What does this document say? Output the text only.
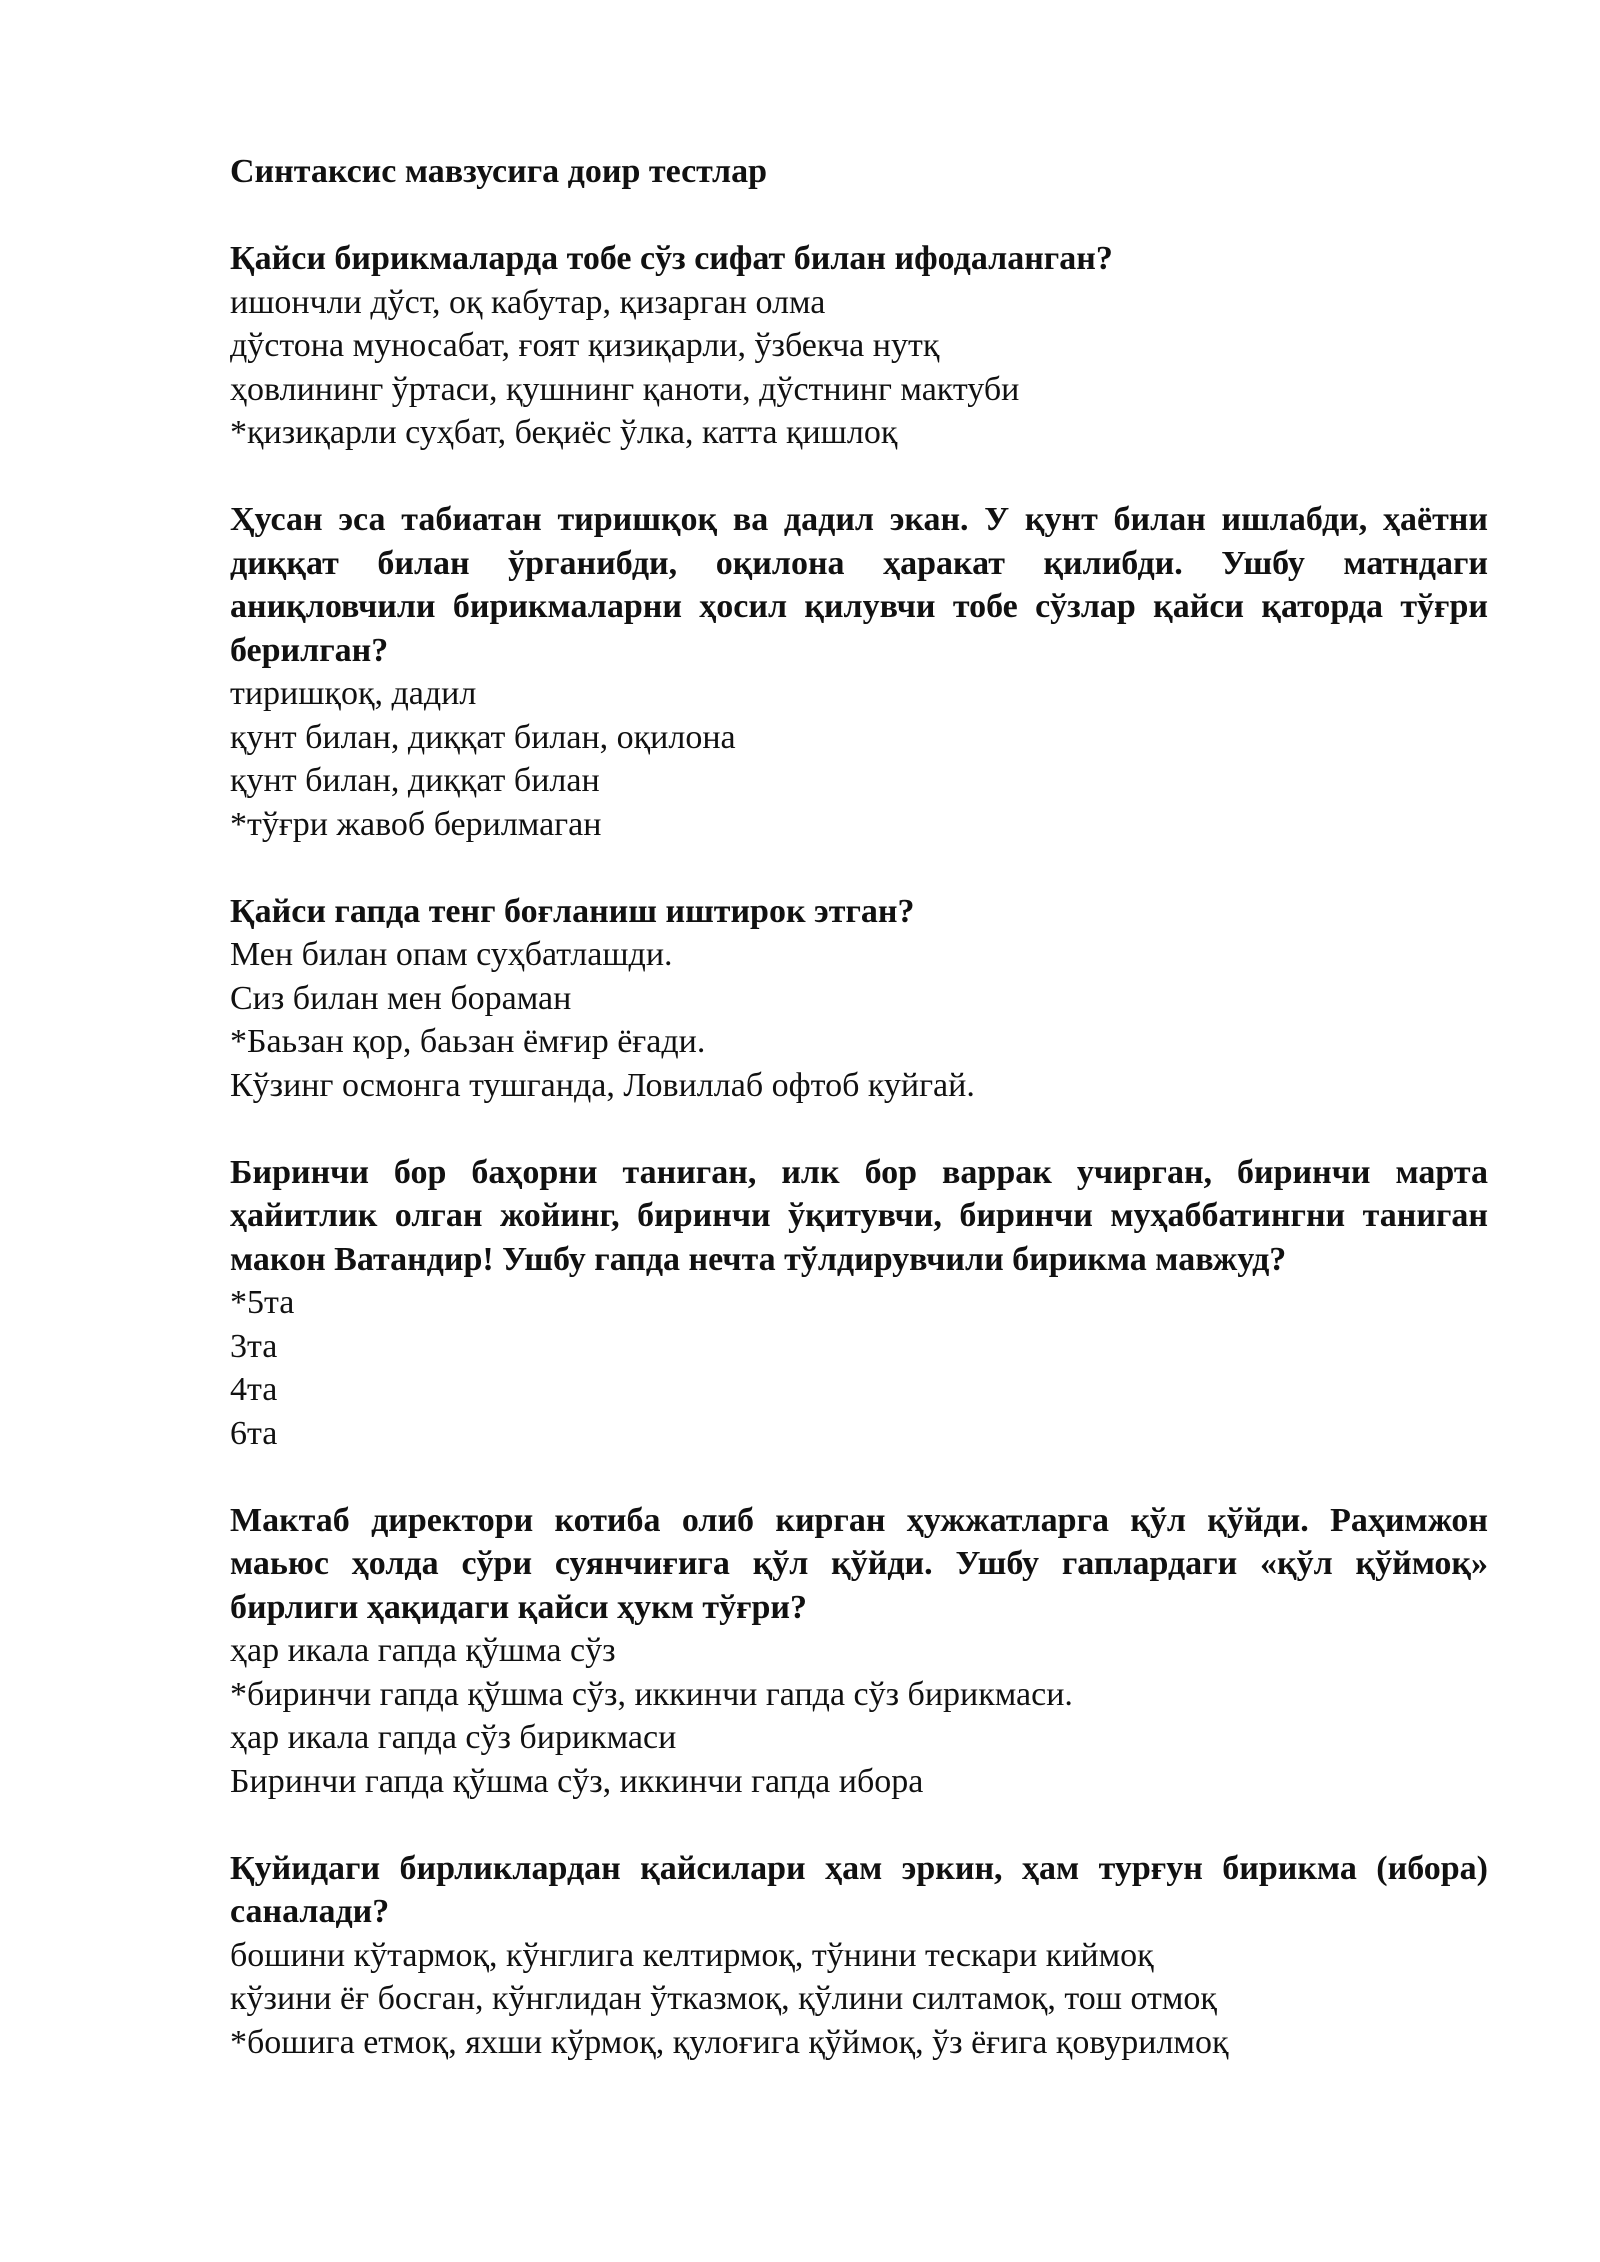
Синтаксис мавзусига доир тестлар

Қайси бирикмаларда тобе сўз сифат билан ифодаланган?

ишончли дўст, оқ кабутар, қизарган олма
дўстона муносабат, ғоят қизиқарли, ўзбекча нутқ
ҳовлининг ўртаси, қушнинг қаноти, дўстнинг мактуби
*қизиқарли суҳбат, беқиёс ўлка, катта қишлоқ

Ҳусан эса табиатан тиришқоқ ва дадил экан. У қунт билан ишлабди, ҳаётни диққат билан ўрганибди, оқилона ҳаракат қилибди. Ушбу матндаги аниқловчили бирикмаларни ҳосил қилувчи тобе сўзлар қайси қаторда тўғри берилган?

тиришқоқ, дадил
қунт билан, диққат билан, оқилона
қунт билан, диққат билан
*тўғри жавоб берилмаган

Қайси гапда тенг боғланиш иштирок этган?

Мен билан опам суҳбатлашди.
Сиз билан мен бораман
*Баьзан қор, баьзан ёмғир ёғади.
Кўзинг осмонга тушганда, Ловиллаб офтоб куйгай.

Биринчи бор баҳорни таниган, илк бор варрак учирган, биринчи марта ҳайитлик олган жойинг, биринчи ўқитувчи, биринчи муҳаббатингни таниган макон Ватандир! Ушбу гапда нечта тўлдирувчили бирикма мавжуд?

*5та
3та
4та
6та

Мактаб директори котиба олиб кирган ҳужжатларга қўл қўйди. Раҳимжон маьюс ҳолда сўри суянчиғига қўл қўйди. Ушбу гаплардаги «қўл қўймоқ» бирлиги ҳақидаги қайси ҳукм тўғри?

ҳар икала гапда қўшма сўз
*биринчи гапда қўшма сўз, иккинчи гапда сўз бирикмаси.
ҳар икала гапда сўз бирикмаси
Биринчи гапда қўшма сўз, иккинчи гапда ибора

Қуйидаги бирликлардан қайсилари ҳам эркин, ҳам турғун бирикма (ибора) саналади?

бошини кўтармоқ, кўнглига келтирмоқ, тўнини тескари киймоқ
кўзини ёғ босган, кўнглидан ўтказмоқ, қўлини силтамоқ, тош отмоқ
*бошига етмоқ, яхши кўрмоқ, қулоғига қўймоқ, ўз ёғига қовурилмоқ
